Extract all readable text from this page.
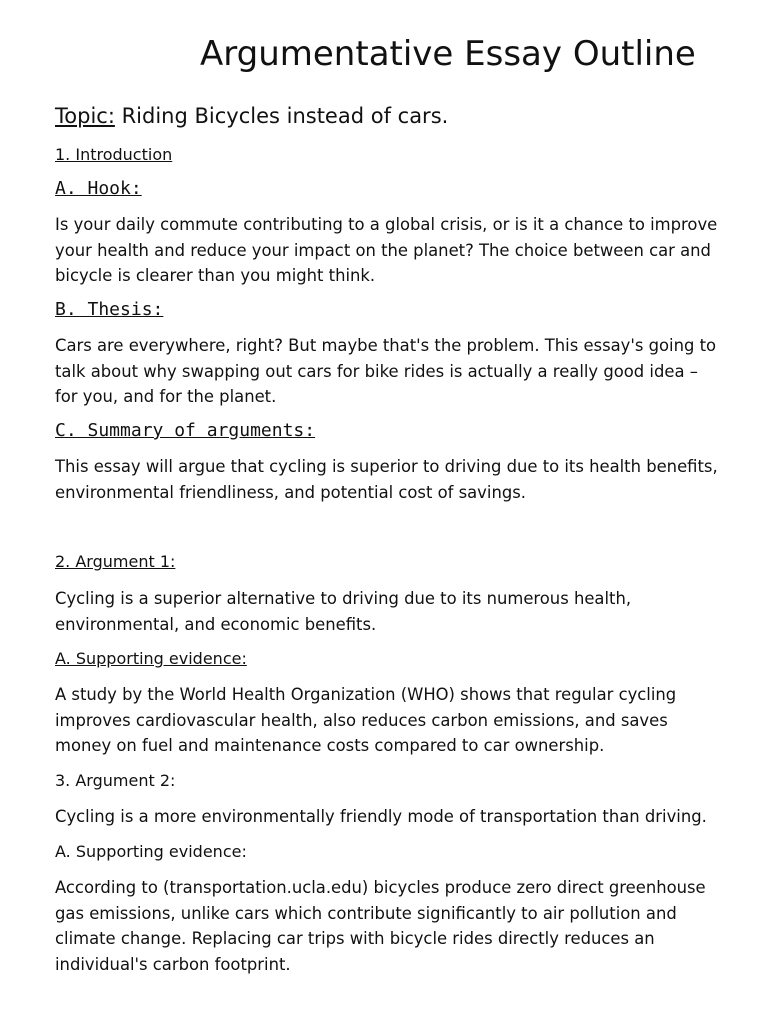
Argumentative Essay Outline
Topic: Riding Bicycles instead of cars.
1. Introduction
A. Hook:
Is your daily commute contributing to a global crisis, or is it a chance to improve
your health and reduce your impact on the planet? The choice between car and
bicycle is clearer than you might think.
B. Thesis:
Cars are everywhere, right? But maybe that's the problem. This essay's going to
talk about why swapping out cars for bike rides is actually a really good idea –
for you, and for the planet.
C. Summary of arguments:
This essay will argue that cycling is superior to driving due to its health benefits,
environmental friendliness, and potential cost of savings.
2. Argument 1:
Cycling is a superior alternative to driving due to its numerous health,
environmental, and economic benefits.
A. Supporting evidence:
A study by the World Health Organization (WHO) shows that regular cycling
improves cardiovascular health, also reduces carbon emissions, and saves
money on fuel and maintenance costs compared to car ownership.
3. Argument 2:
Cycling is a more environmentally friendly mode of transportation than driving.
A. Supporting evidence:
According to (transportation.ucla.edu) bicycles produce zero direct greenhouse
gas emissions, unlike cars which contribute significantly to air pollution and
climate change. Replacing car trips with bicycle rides directly reduces an
individual's carbon footprint.
